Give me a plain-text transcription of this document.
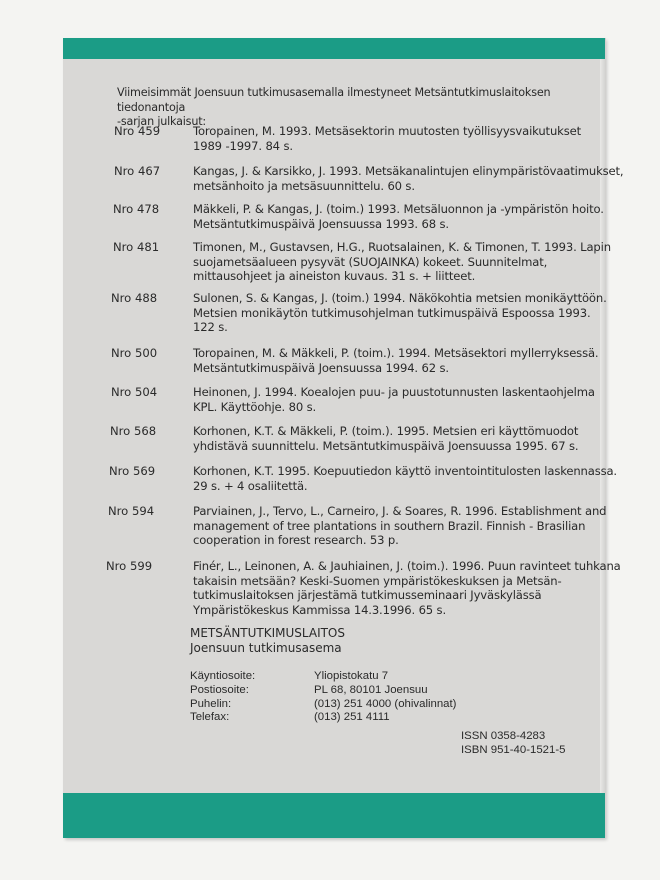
Viimeisimmät Joensuun tutkimusasemalla ilmestyneet Metsäntutkimuslaitoksen tiedonantoja
-sarjan julkaisut:
Nro 459	Toropainen, M. 1993. Metsäsektorin muutosten työllisyysvaikutukset
1989 -1997. 84 s.
Nro 467	Kangas, J. & Karsikko, J. 1993. Metsäkanalintujen elinympäristövaatimukset,
metsänhoito ja metsäsuunnittelu. 60 s.
Nro 478	Mäkkeli, P. & Kangas, J. (toim.) 1993. Metsäluonnon ja -ympäristön hoito.
Metsäntutkimuspäivä Joensuussa 1993. 68 s.
Nro 481	Timonen, M., Gustavsen, H.G., Ruotsalainen, K. & Timonen, T. 1993. Lapin
suojametsäalueen pysyvät (SUOJAINKA) kokeet. Suunnitelmat,
mittausohjeet ja aineiston kuvaus. 31 s. + liitteet.
Nro 488	Sulonen, S. & Kangas, J. (toim.) 1994. Näkökohtia metsien monikäyttöön.
Metsien monikäytön tutkimusohjelman tutkimuspäivä Espoossa 1993.
122 s.
Nro 500	Toropainen, M. & Mäkkeli, P. (toim.). 1994. Metsäsektori myllerryksessä.
Metsäntutkimuspäivä Joensuussa 1994. 62 s.
Nro 504	Heinonen, J. 1994. Koealojen puu- ja puustotunnusten laskentaohjelma
KPL. Käyttöohje. 80 s.
Nro 568	Korhonen, K.T. & Mäkkeli, P. (toim.). 1995. Metsien eri käyttömuodot
yhdistävä suunnittelu. Metsäntutkimuspäivä Joensuussa 1995. 67 s.
Nro 569	Korhonen, K.T. 1995. Koepuutiedon käyttö inventointitulosten laskennassa.
29 s. + 4 osaliitettä.
Nro 594	Parviainen, J., Tervo, L., Carneiro, J. & Soares, R. 1996. Establishment and
management of tree plantations in southern Brazil. Finnish - Brasilian
cooperation in forest research. 53 p.
Nro 599	Finér, L., Leinonen, A. & Jauhiainen, J. (toim.). 1996. Puun ravinteet tuhkana
takaisin metsään? Keski-Suomen ympäristökeskuksen ja Metsän-
tutkimuslaitoksen järjestämä tutkimusseminaari Jyväskylässä
Ympäristökeskus Kammissa 14.3.1996. 65 s.
METSÄNTUTKIMUSLAITOS
Joensuun tutkimusasema
Käyntiosoite:	Yliopistokatu 7
Postiosoite:	PL 68, 80101 Joensuu
Puhelin:	(013) 251 4000 (ohivalinnat)
Telefax:	(013) 251 4111
ISSN 0358-4283
ISBN 951-40-1521-5
